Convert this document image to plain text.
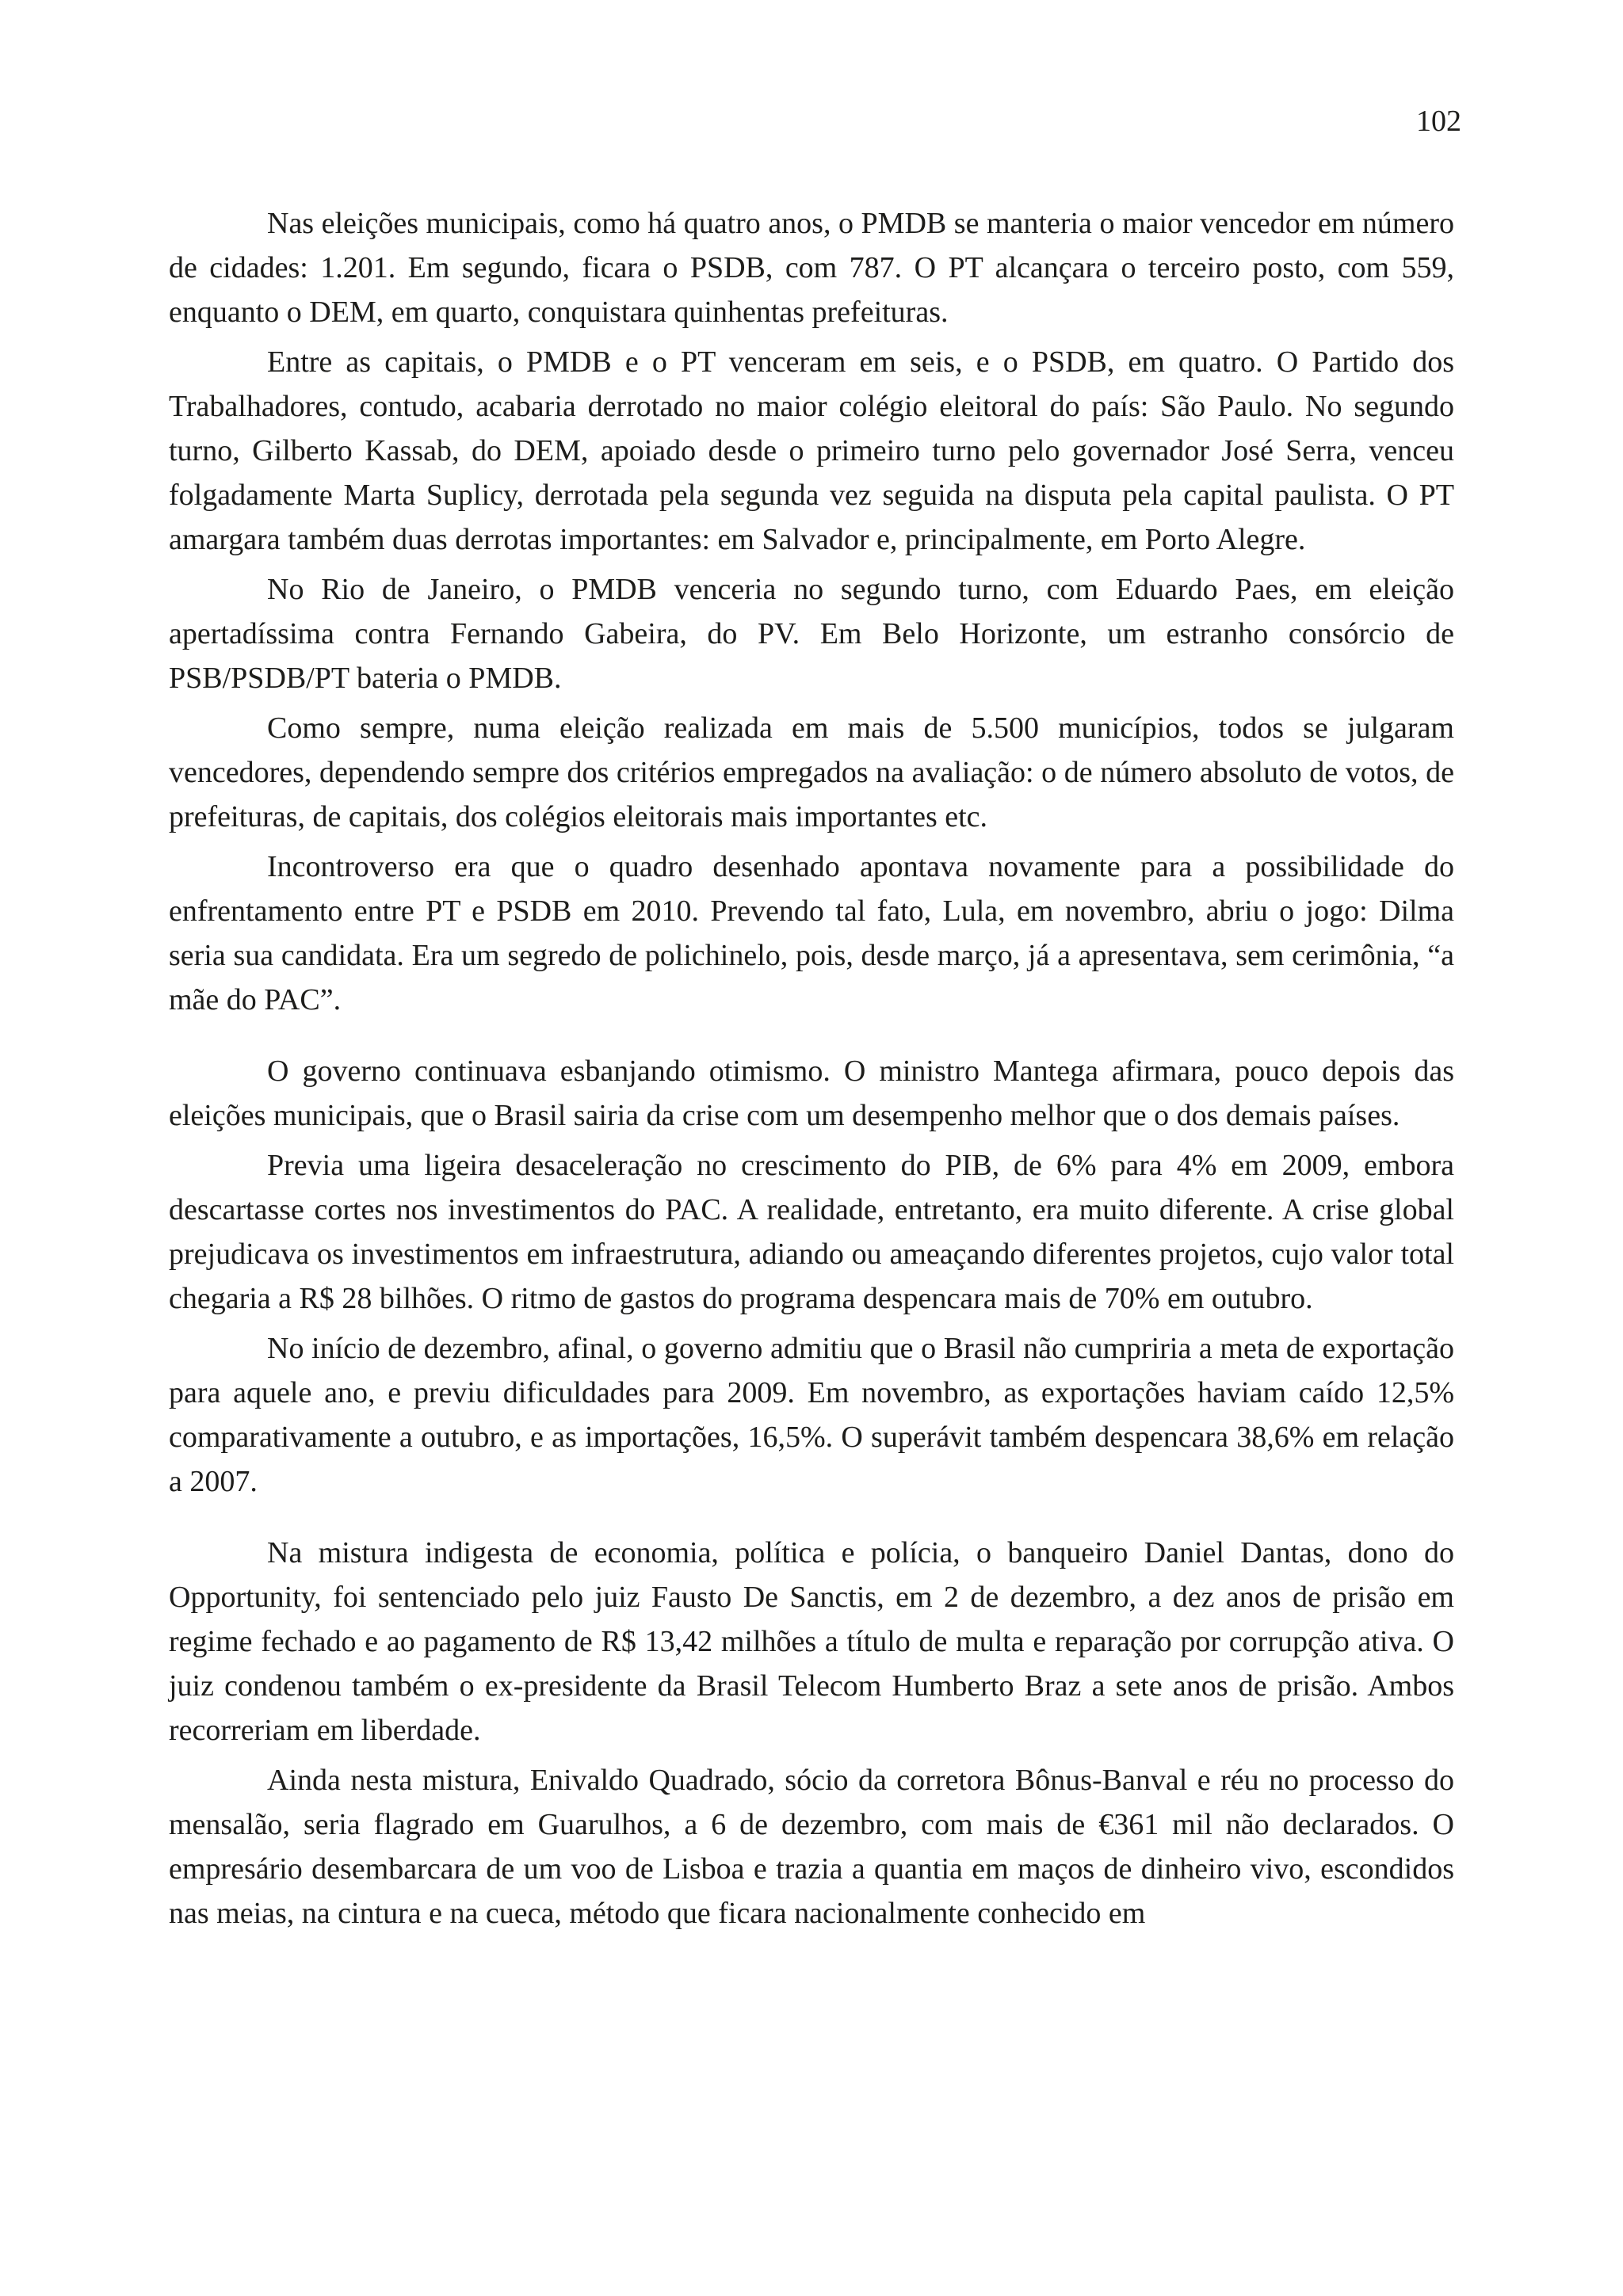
102

Nas eleições municipais, como há quatro anos, o PMDB se manteria o maior vencedor em número de cidades: 1.201. Em segundo, ficara o PSDB, com 787. O PT alcançara o terceiro posto, com 559, enquanto o DEM, em quarto, conquistara quinhentas prefeituras.

Entre as capitais, o PMDB e o PT venceram em seis, e o PSDB, em quatro. O Partido dos Trabalhadores, contudo, acabaria derrotado no maior colégio eleitoral do país: São Paulo. No segundo turno, Gilberto Kassab, do DEM, apoiado desde o primeiro turno pelo governador José Serra, venceu folgadamente Marta Suplicy, derrotada pela segunda vez seguida na disputa pela capital paulista. O PT amargara também duas derrotas importantes: em Salvador e, principalmente, em Porto Alegre.

No Rio de Janeiro, o PMDB venceria no segundo turno, com Eduardo Paes, em eleição apertadíssima contra Fernando Gabeira, do PV. Em Belo Horizonte, um estranho consórcio de PSB/PSDB/PT bateria o PMDB.

Como sempre, numa eleição realizada em mais de 5.500 municípios, todos se julgaram vencedores, dependendo sempre dos critérios empregados na avaliação: o de número absoluto de votos, de prefeituras, de capitais, dos colégios eleitorais mais importantes etc.

Incontroverso era que o quadro desenhado apontava novamente para a possibilidade do enfrentamento entre PT e PSDB em 2010. Prevendo tal fato, Lula, em novembro, abriu o jogo: Dilma seria sua candidata. Era um segredo de polichinelo, pois, desde março, já a apresentava, sem cerimônia, “a mãe do PAC”.

O governo continuava esbanjando otimismo. O ministro Mantega afirmara, pouco depois das eleições municipais, que o Brasil sairia da crise com um desempenho melhor que o dos demais países.

Previa uma ligeira desaceleração no crescimento do PIB, de 6% para 4% em 2009, embora descartasse cortes nos investimentos do PAC. A realidade, entretanto, era muito diferente. A crise global prejudicava os investimentos em infraestrutura, adiando ou ameaçando diferentes projetos, cujo valor total chegaria a R$ 28 bilhões. O ritmo de gastos do programa despencara mais de 70% em outubro.

No início de dezembro, afinal, o governo admitiu que o Brasil não cumpriria a meta de exportação para aquele ano, e previu dificuldades para 2009. Em novembro, as exportações haviam caído 12,5% comparativamente a outubro, e as importações, 16,5%. O superávit também despencara 38,6% em relação a 2007.

Na mistura indigesta de economia, política e polícia, o banqueiro Daniel Dantas, dono do Opportunity, foi sentenciado pelo juiz Fausto De Sanctis, em 2 de dezembro, a dez anos de prisão em regime fechado e ao pagamento de R$ 13,42 milhões a título de multa e reparação por corrupção ativa. O juiz condenou também o ex-presidente da Brasil Telecom Humberto Braz a sete anos de prisão. Ambos recorreriam em liberdade.

Ainda nesta mistura, Enivaldo Quadrado, sócio da corretora Bônus-Banval e réu no processo do mensalão, seria flagrado em Guarulhos, a 6 de dezembro, com mais de €361 mil não declarados. O empresário desembarcara de um voo de Lisboa e trazia a quantia em maços de dinheiro vivo, escondidos nas meias, na cintura e na cueca, método que ficara nacionalmente conhecido em
